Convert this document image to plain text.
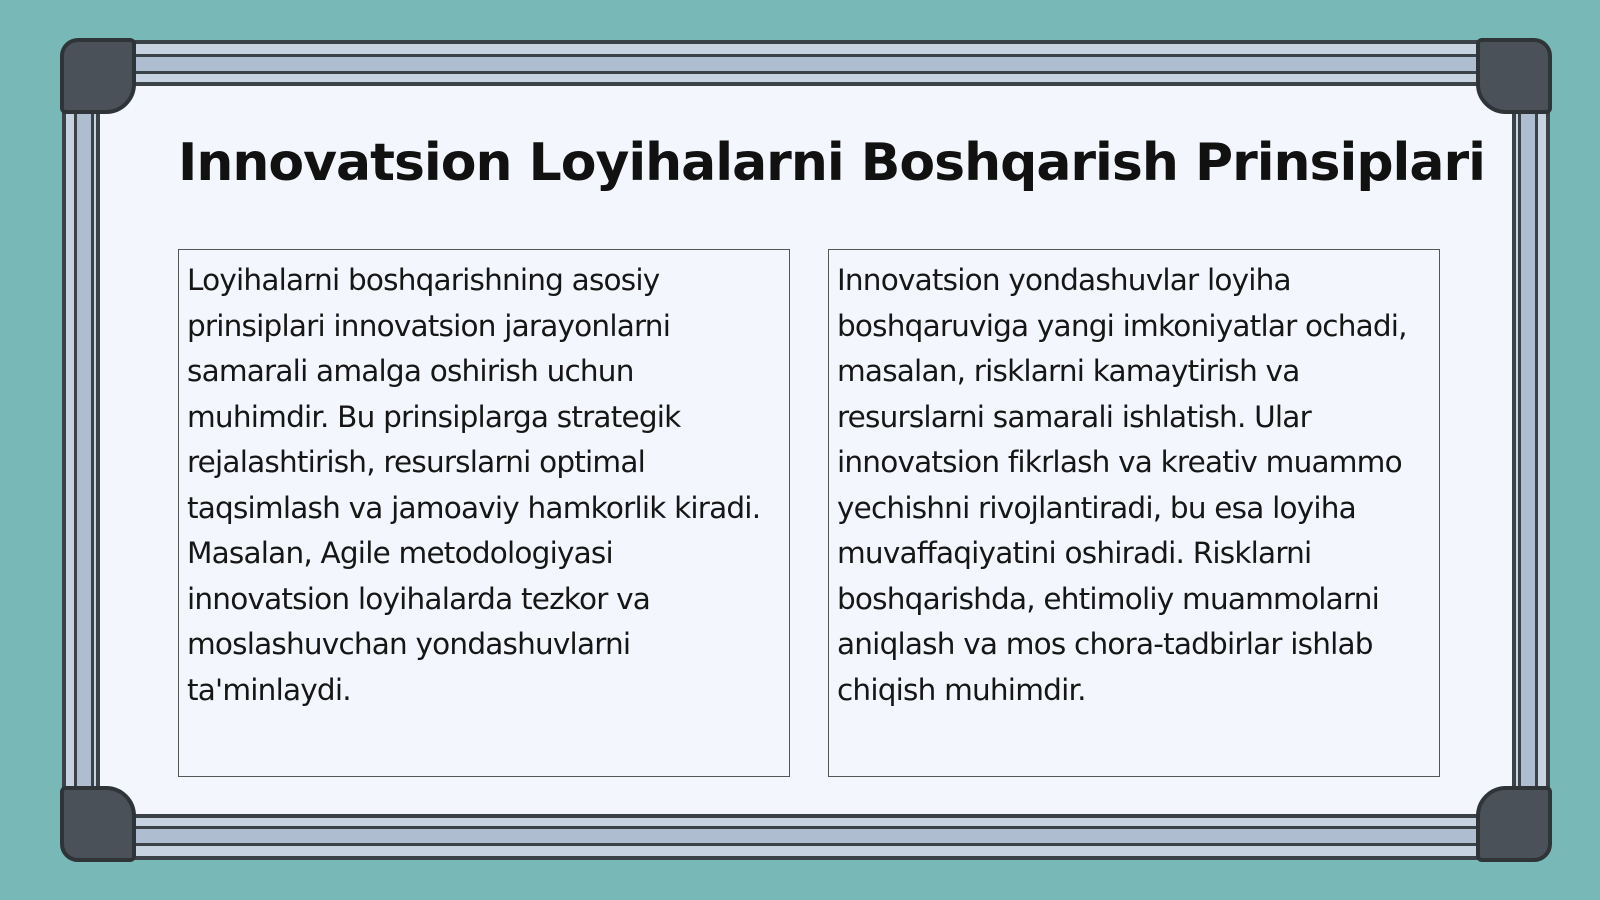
Innovatsion Loyihalarni Boshqarish Prinsiplari
Loyihalarni boshqarishning asosiy prinsiplari innovatsion jarayonlarni samarali amalga oshirish uchun muhimdir. Bu prinsiplarga strategik rejalashtirish, resurslarni optimal taqsimlash va jamoaviy hamkorlik kiradi. Masalan, Agile metodologiyasi innovatsion loyihalarda tezkor va moslashuvchan yondashuvlarni ta'minlaydi.
Innovatsion yondashuvlar loyiha boshqaruviga yangi imkoniyatlar ochadi, masalan, risklarni kamaytirish va resurslarni samarali ishlatish. Ular innovatsion fikrlash va kreativ muammo yechishni rivojlantiradi, bu esa loyiha muvaffaqiyatini oshiradi. Risklarni boshqarishda, ehtimoliy muammolarni aniqlash va mos chora-tadbirlar ishlab chiqish muhimdir.
